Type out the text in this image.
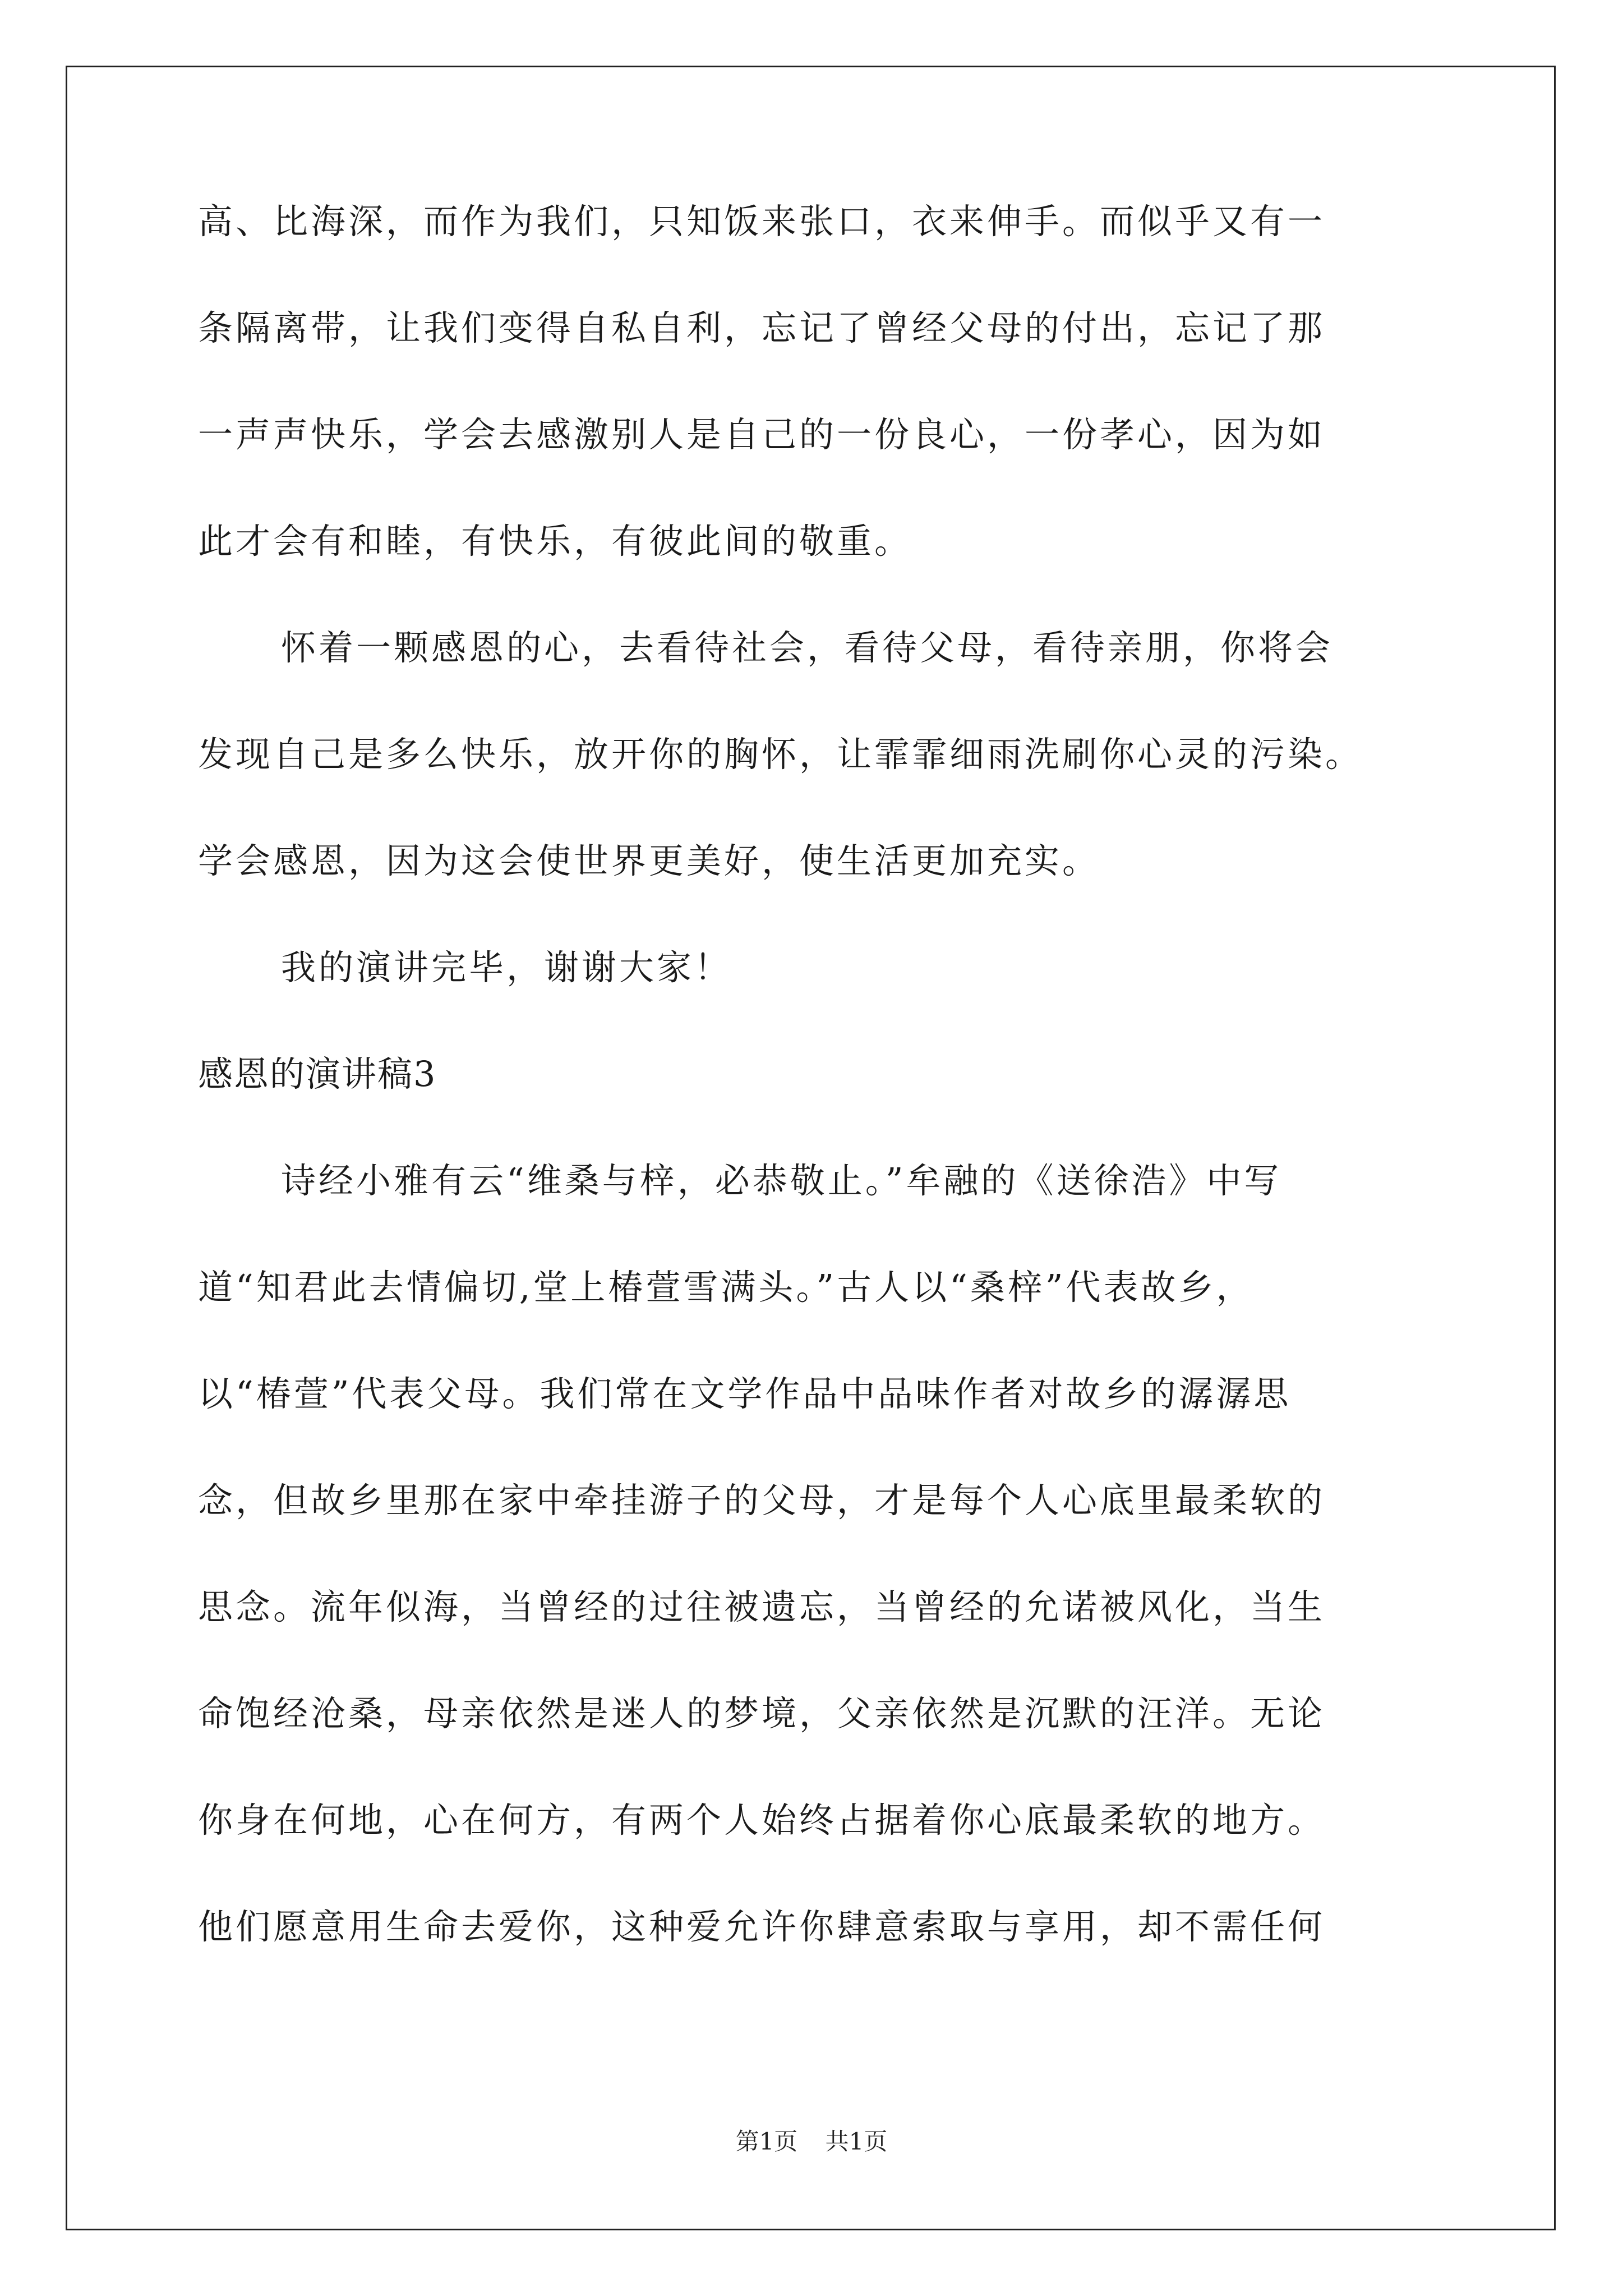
高、比海深，而作为我们，只知饭来张口，衣来伸手。而似乎又有一
条隔离带，让我们变得自私自利，忘记了曾经父母的付出，忘记了那
一声声快乐，学会去感激别人是自己的一份良心，一份孝心，因为如
此才会有和睦，有快乐，有彼此间的敬重。
怀着一颗感恩的心，去看待社会，看待父母，看待亲朋，你将会
发现自己是多么快乐，放开你的胸怀，让霏霏细雨洗刷你心灵的污染。
学会感恩，因为这会使世界更美好，使生活更加充实。
我的演讲完毕，谢谢大家！
感恩的演讲稿3
诗经小雅有云“维桑与梓，必恭敬止。”牟融的《送徐浩》中写
道“知君此去情偏切,堂上椿萱雪满头。”古人以“桑梓”代表故乡，
以“椿萱”代表父母。我们常在文学作品中品味作者对故乡的潺潺思
念，但故乡里那在家中牵挂游子的父母，才是每个人心底里最柔软的
思念。流年似海，当曾经的过往被遗忘，当曾经的允诺被风化，当生
命饱经沧桑，母亲依然是迷人的梦境，父亲依然是沉默的汪洋。无论
你身在何地，心在何方，有两个人始终占据着你心底最柔软的地方。
他们愿意用生命去爱你，这种爱允许你肆意索取与享用，却不需任何
第1页 共1页
